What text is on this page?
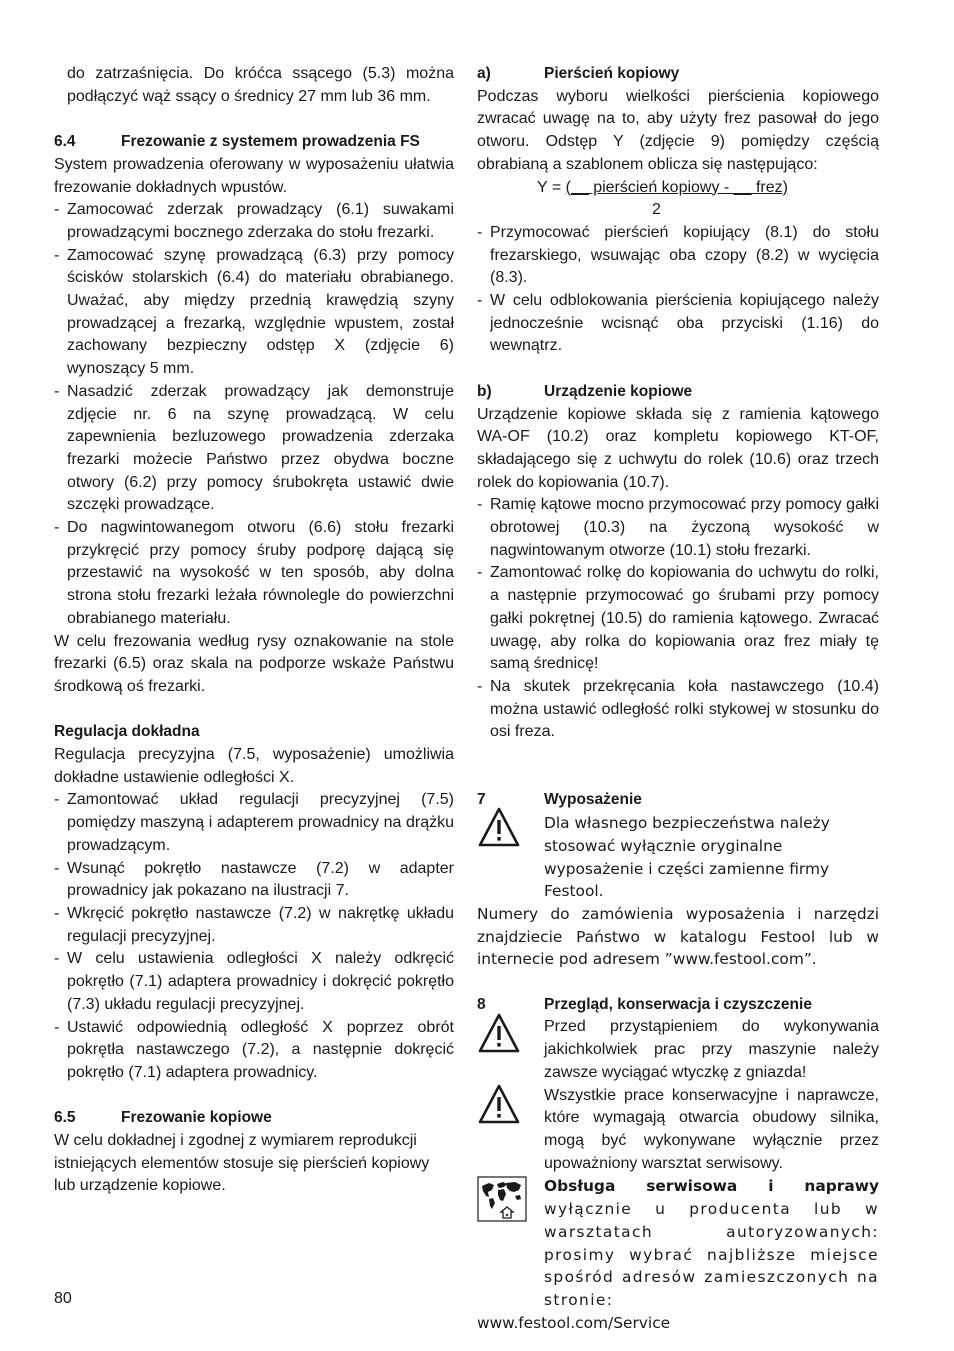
do zatrzaśnięcia. Do króćca ssącego (5.3) można podłączyć wąż ssący o średnicy 27 mm lub 36 mm.

6.4	Frezowanie z systemem prowadzenia FS

System prowadzenia oferowany w wyposażeniu ułatwia frezowanie dokładnych wpustów.

- Zamocować zderzak prowadzący (6.1) suwakami prowadzącymi bocznego zderzaka do stołu frezarki.
- Zamocować szynę prowadzącą (6.3) przy pomocy ścisków stolarskich (6.4) do materiału obrabianego. Uważać, aby między przednią krawędzią szyny prowadzącej a frezarką, względnie wpustem, został zachowany bezpieczny odstęp X (zdjęcie 6) wynoszący 5 mm.
- Nasadzić zderzak prowadzący jak demonstruje zdjęcie nr. 6 na szynę prowadzącą. W celu zapewnienia bezluzowego prowadzenia zderzaka frezarki możecie Państwo przez obydwa boczne otwory (6.2) przy pomocy śrubokręta ustawić dwie szczęki prowadzące.
- Do nagwintowanegom otworu (6.6) stołu frezarki przykręcić przy pomocy śruby podporę dającą się przestawić na wysokość w ten sposób, aby dolna strona stołu frezarki leżała równolegle do powierzchni obrabianego materiału.

W celu frezowania według rysy oznakowanie na stole frezarki (6.5) oraz skala na podporze wskaże Państwu środkową oś frezarki.

Regulacja dokładna

Regulacja precyzyjna (7.5, wyposażenie) umożliwia dokładne ustawienie odległości X.

- Zamontować układ regulacji precyzyjnej (7.5) pomiędzy maszyną i adapterem prowadnicy na drążku prowadzącym.
- Wsunąć pokrętło nastawcze (7.2) w adapter prowadnicy jak pokazano na ilustracji 7.
- Wkręcić pokrętło nastawcze (7.2) w nakrętkę układu regulacji precyzyjnej.
- W celu ustawienia odległości X należy odkręcić pokrętło (7.1) adaptera prowadnicy i dokręcić pokrętło (7.3) układu regulacji precyzyjnej.
- Ustawić odpowiednią odległość X poprzez obrót pokrętła nastawczego (7.2), a następnie dokręcić pokrętło (7.1) adaptera prowadnicy.
6.5	Frezowanie kopiowe

W celu dokładnej i zgodnej z wymiarem reprodukcji istniejących elementów stosuje się pierścień kopiowy lub urządzenie kopiowe.

a)	Pierścień kopiowy

Podczas wyboru wielkości pierścienia kopiowego zwracać uwagę na to, aby użyty frez pasował do jego otworu. Odstęp Y (zdjęcie 9) pomiędzy częścią obrabianą a szablonem oblicza się następująco:

Y = (__ pierścień kopiowy - __ frez)
2
- Przymocować pierścień kopiujący (8.1) do stołu frezarskiego, wsuwając oba czopy (8.2) w wycięcia (8.3).
- W celu odblokowania pierścienia kopiującego należy jednocześnie wcisnąć oba przyciski (1.16) do wewnątrz.
b)	Urządzenie kopiowe

Urządzenie kopiowe składa się z ramienia kątowego WA-OF (10.2) oraz kompletu kopiowego KT-OF, składającego się z uchwytu do rolek (10.6) oraz trzech rolek do kopiowania (10.7).

- Ramię kątowe mocno przymocować przy pomocy gałki obrotowej (10.3) na życzoną wysokość w nagwintowanym otworze (10.1) stołu frezarki.
- Zamontować rolkę do kopiowania do uchwytu do rolki, a następnie przymocować go śrubami przy pomocy gałki pokrętnej (10.5) do ramienia kątowego. Zwracać uwagę, aby rolka do kopiowania oraz frez miały tę samą średnicę!
- Na skutek przekręcania koła nastawczego (10.4) można ustawić odległość rolki stykowej w stosunku do osi freza.
7	Wyposażenie

Dla własnego bezpieczeństwa należy stosować wyłącznie oryginalne wyposażenie i części zamienne firmy Festool.

Numery do zamówienia wyposażenia i narzędzi znajdziecie Państwo w katalogu Festool lub w internecie pod adresem ”www.festool.com”.

8	Przegląd, konserwacja i czyszczenie

Przed przystąpieniem do wykonywania jakichkolwiek prac przy maszynie należy zawsze wyciągać wtyczkę z gniazda!

Wszystkie prace konserwacyjne i naprawcze, które wymagają otwarcia obudowy silnika, mogą być wykonywane wyłącznie przez upoważniony warsztat serwisowy.

Obsługa serwisowa i naprawy wyłącznie u producenta lub w warsztatach autoryzowanych: prosimy wybrać najbliższe miejsce spośród adresów zamieszczonych na stronie:

www.festool.com/Service
80
